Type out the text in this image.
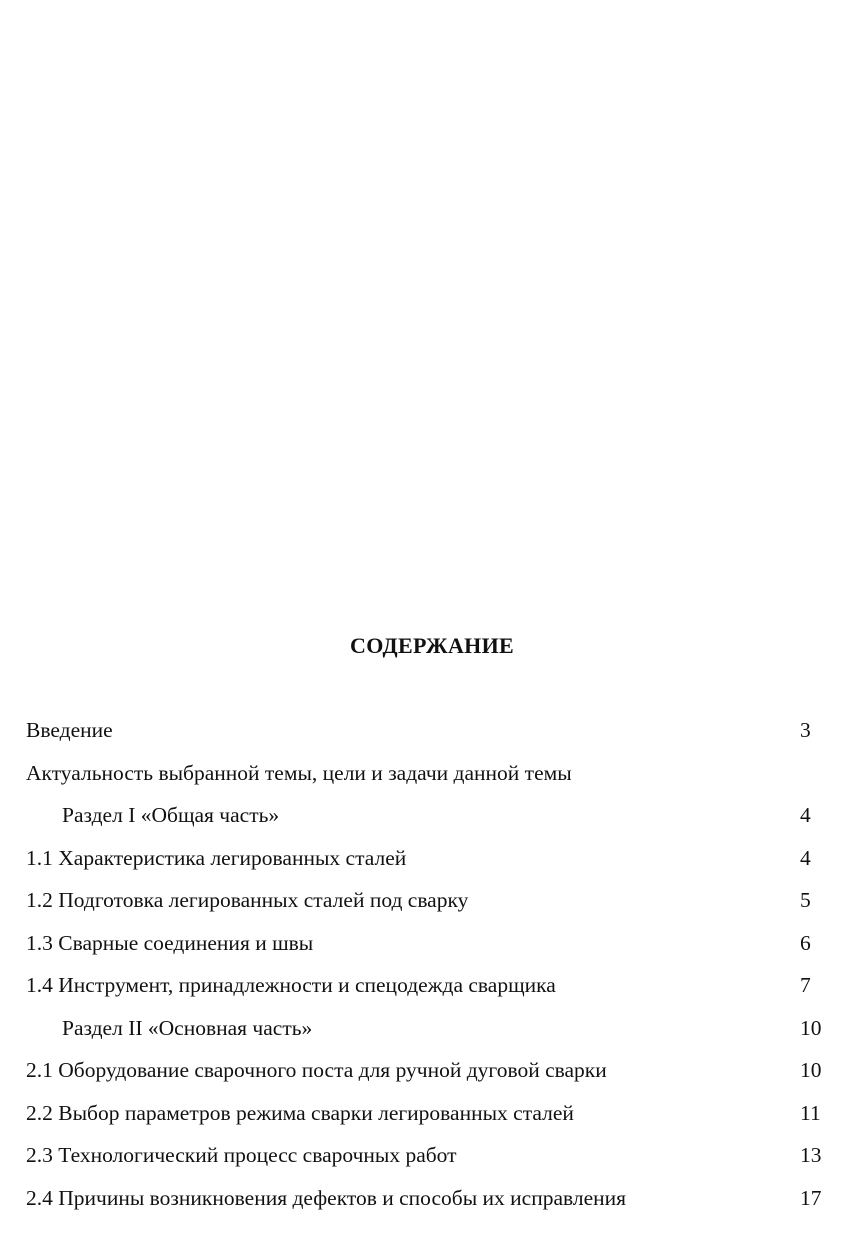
СОДЕРЖАНИЕ
Введение	3
Актуальность выбранной темы, цели и задачи данной темы
Раздел I «Общая часть»	4
1.1 Характеристика легированных сталей	4
1.2 Подготовка легированных сталей под сварку	5
1.3 Сварные соединения и швы	6
1.4 Инструмент, принадлежности и спецодежда сварщика	7
Раздел II «Основная часть»	10
2.1 Оборудование сварочного поста для ручной дуговой сварки	10
2.2 Выбор параметров режима сварки легированных сталей	11
2.3 Технологический процесс сварочных работ	13
2.4 Причины возникновения дефектов и способы их исправления	17
